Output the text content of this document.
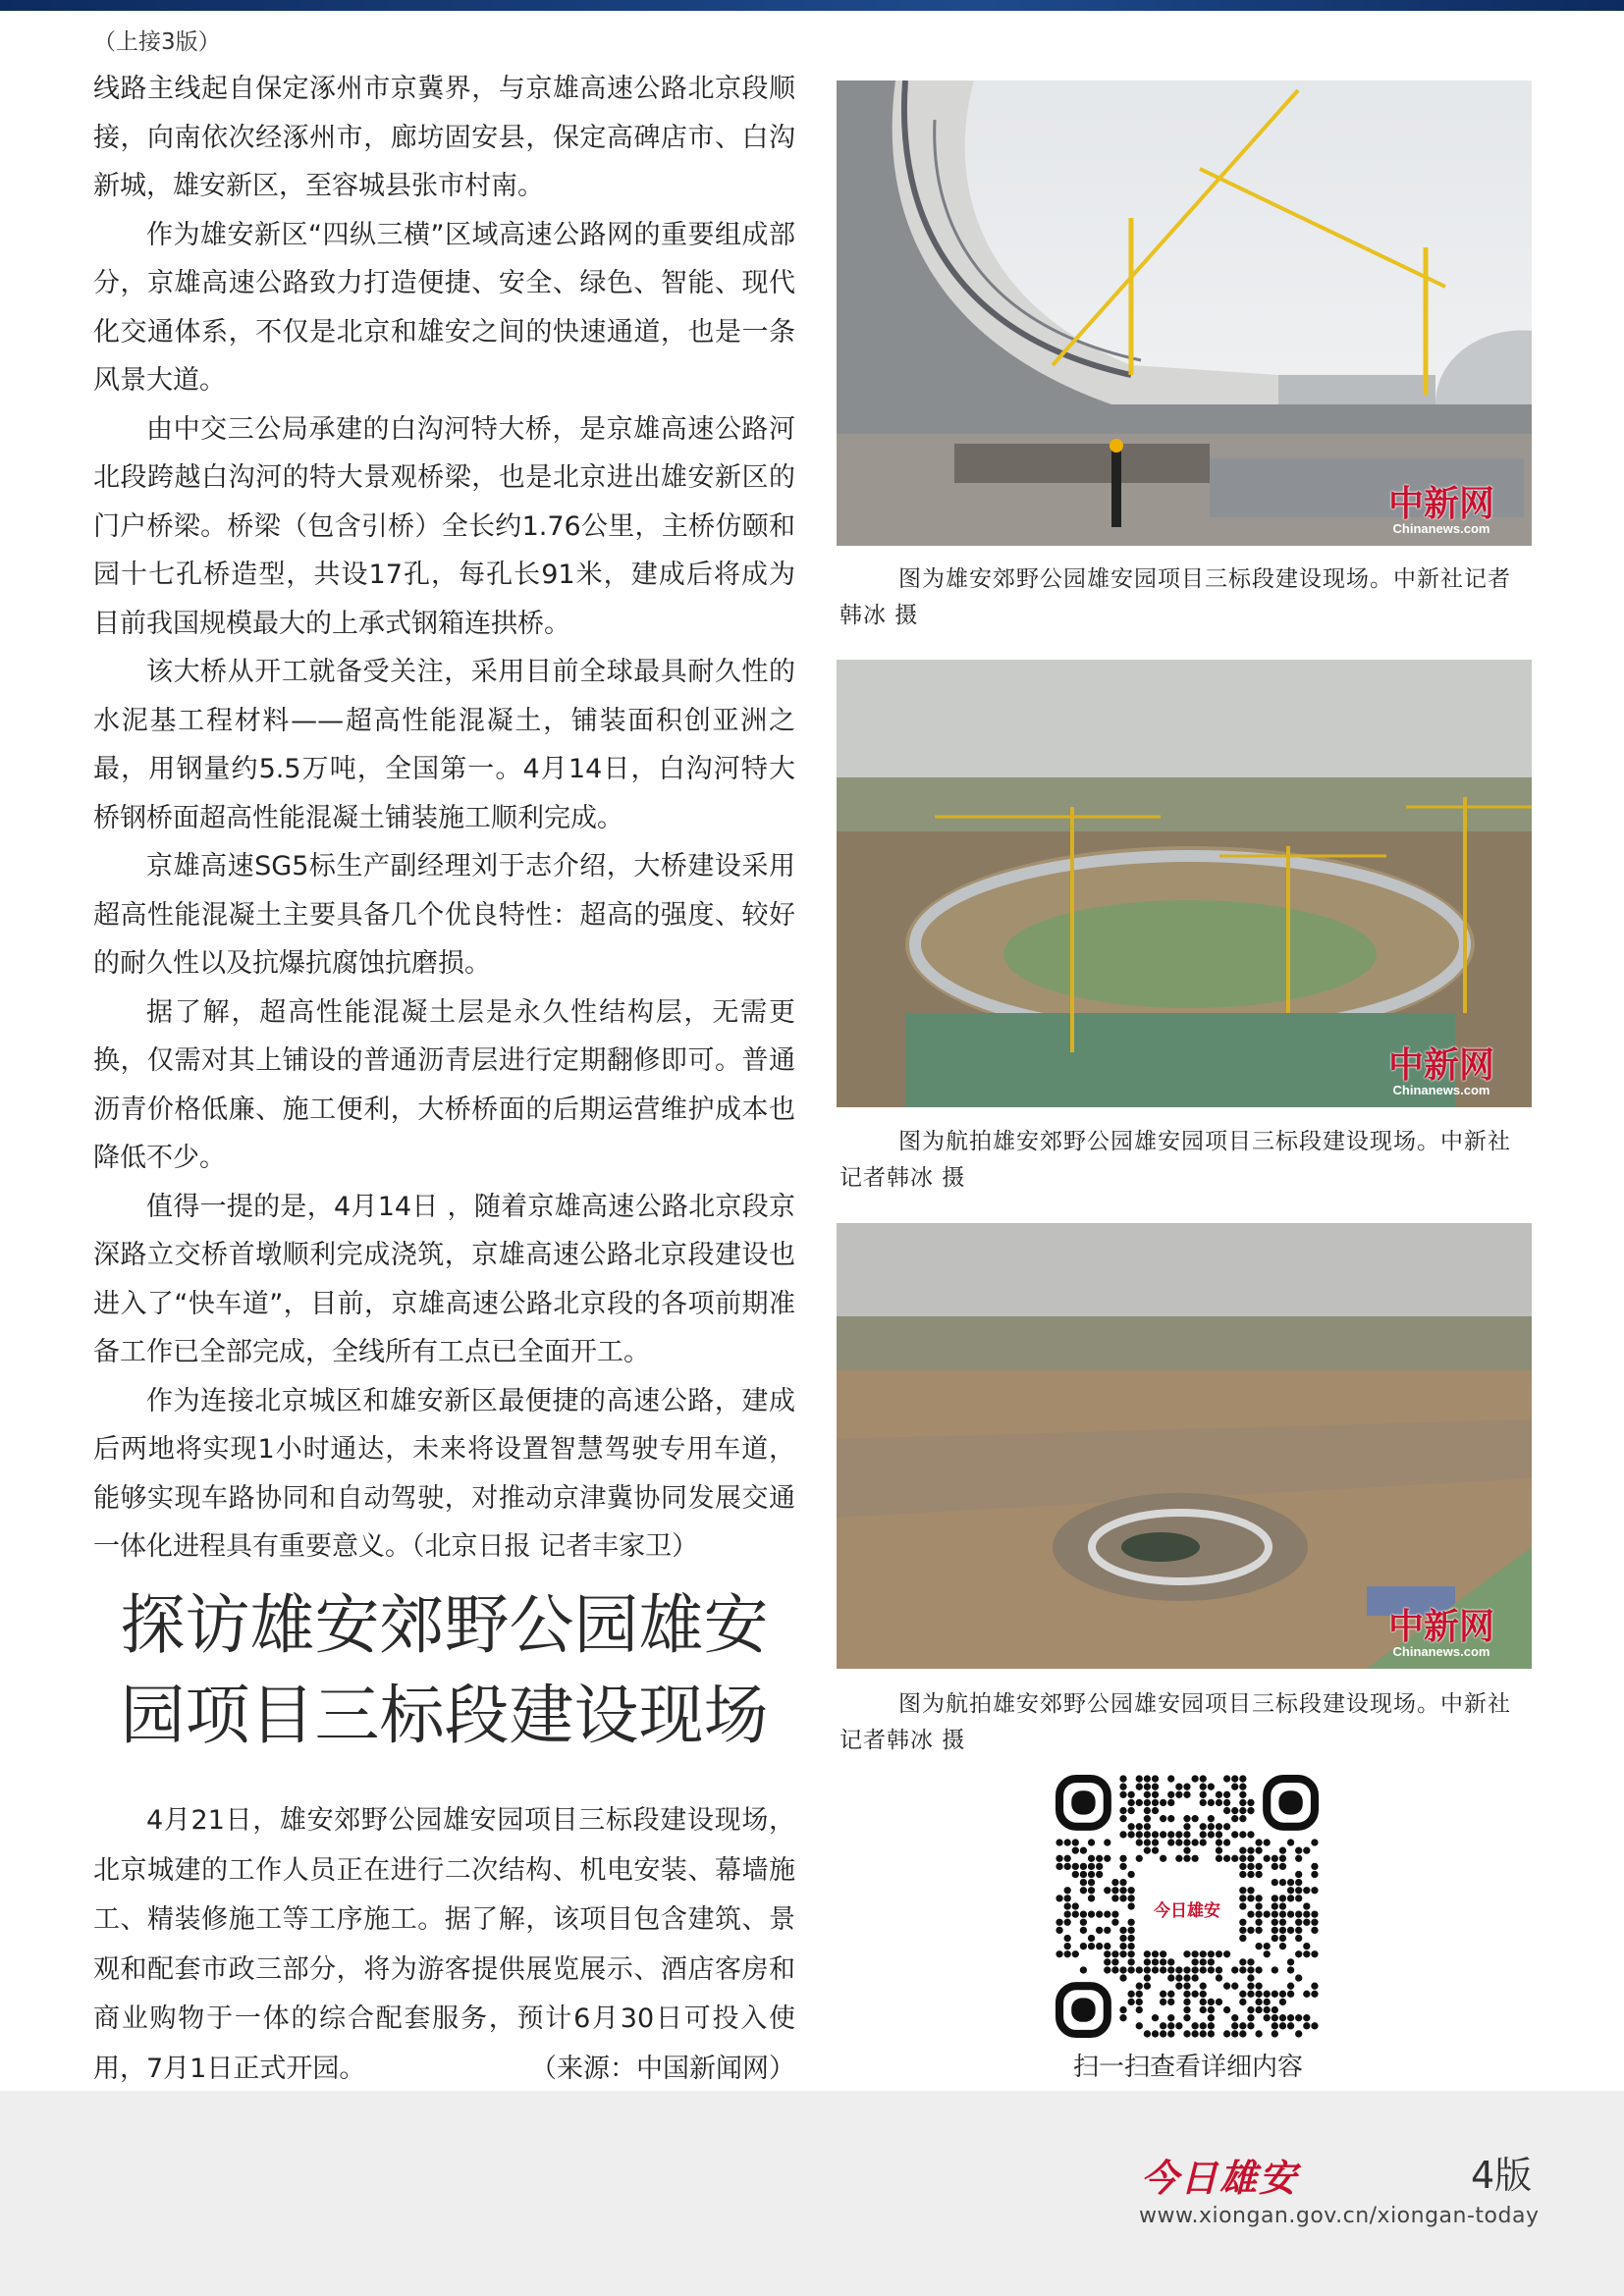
（上接3版）

线路主线起自保定涿州市京冀界，与京雄高速公路北京段顺接，向南依次经涿州市，廊坊固安县，保定高碑店市、白沟新城，雄安新区，至容城县张市村南。

作为雄安新区“四纵三横”区域高速公路网的重要组成部分，京雄高速公路致力打造便捷、安全、绿色、智能、现代化交通体系，不仅是北京和雄安之间的快速通道，也是一条风景大道。

由中交三公局承建的白沟河特大桥，是京雄高速公路河北段跨越白沟河的特大景观桥梁，也是北京进出雄安新区的门户桥梁。桥梁（包含引桥）全长约1.76公里，主桥仿颐和园十七孔桥造型，共设17孔，每孔长91米，建成后将成为目前我国规模最大的上承式钢箱连拱桥。

该大桥从开工就备受关注，采用目前全球最具耐久性的水泥基工程材料——超高性能混凝土，铺装面积创亚洲之最，用钢量约5.5万吨，全国第一。4月14日，白沟河特大桥钢桥面超高性能混凝土铺装施工顺利完成。

京雄高速SG5标生产副经理刘于志介绍，大桥建设采用超高性能混凝土主要具备几个优良特性：超高的强度、较好的耐久性以及抗爆抗腐蚀抗磨损。

据了解，超高性能混凝土层是永久性结构层，无需更换，仅需对其上铺设的普通沥青层进行定期翻修即可。普通沥青价格低廉、施工便利，大桥桥面的后期运营维护成本也降低不少。

值得一提的是，4月14日 ，随着京雄高速公路北京段京深路立交桥首墩顺利完成浇筑，京雄高速公路北京段建设也进入了“快车道”，目前，京雄高速公路北京段的各项前期准备工作已全部完成，全线所有工点已全面开工。

作为连接北京城区和雄安新区最便捷的高速公路，建成后两地将实现1小时通达，未来将设置智慧驾驶专用车道，能够实现车路协同和自动驾驶，对推动京津冀协同发展交通一体化进程具有重要意义。（北京日报 记者丰家卫）

探访雄安郊野公园雄安
园项目三标段建设现场

4月21日，雄安郊野公园雄安园项目三标段建设现场，北京城建的工作人员正在进行二次结构、机电安装、幕墙施工、精装修施工等工序施工。据了解，该项目包含建筑、景观和配套市政三部分，将为游客提供展览展示、酒店客房和商业购物于一体的综合配套服务，预计6月30日可投入使用，7月1日正式开园。	（来源：中国新闻网）

中新网
Chinanews.com

图为雄安郊野公园雄安园项目三标段建设现场。中新社记者韩冰 摄

中新网
Chinanews.com

图为航拍雄安郊野公园雄安园项目三标段建设现场。中新社记者韩冰 摄

中新网
Chinanews.com

图为航拍雄安郊野公园雄安园项目三标段建设现场。中新社记者韩冰 摄

今日雄安
扫一扫查看详细内容
今日雄安	4版
www.xiongan.gov.cn/xiongan-today
